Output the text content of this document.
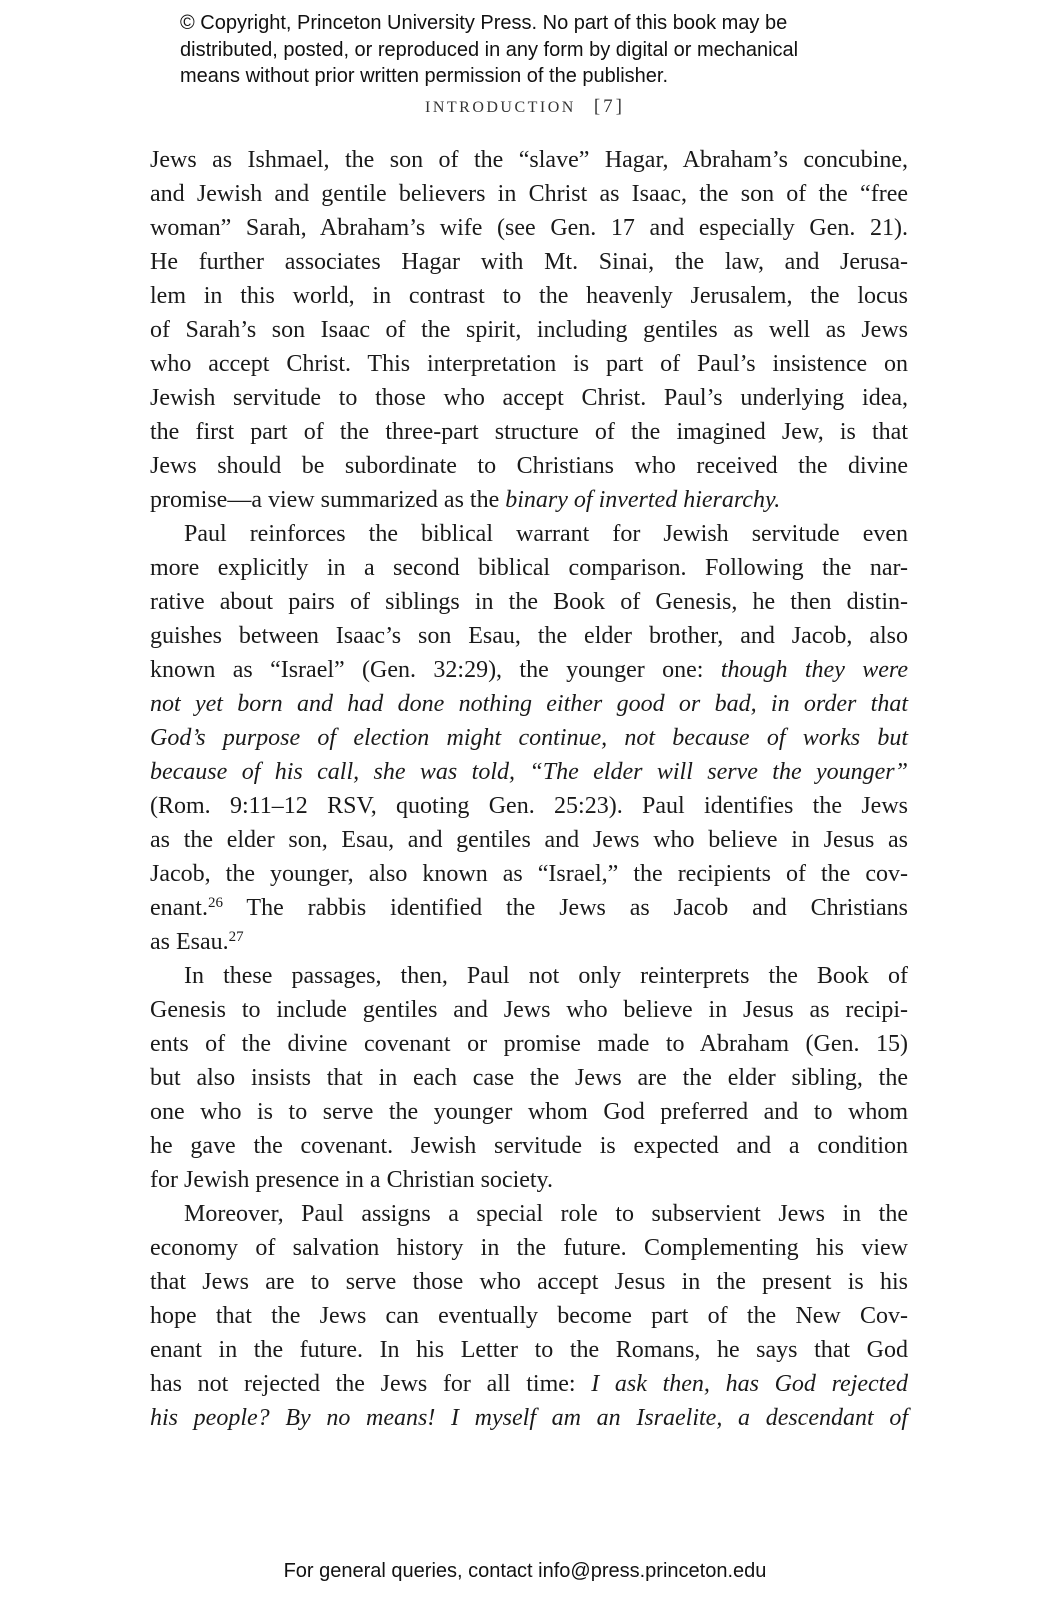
© Copyright, Princeton University Press. No part of this book may be
distributed, posted, or reproduced in any form by digital or mechanical
means without prior written permission of the publisher.
INTRODUCTION [7]
Jews as Ishmael, the son of the “slave” Hagar, Abraham’s concubine,
and Jewish and gentile believers in Christ as Isaac, the son of the “free
woman” Sarah, Abraham’s wife (see Gen. 17 and especially Gen. 21).
He further associates Hagar with Mt. Sinai, the law, and Jerusa-
lem in this world, in contrast to the heavenly Jerusalem, the locus
of Sarah’s son Isaac of the spirit, including gentiles as well as Jews
who accept Christ. This interpretation is part of Paul’s insistence on
Jewish servitude to those who accept Christ. Paul’s underlying idea,
the first part of the three-part structure of the imagined Jew, is that
Jews should be subordinate to Christians who received the divine
promise—a view summarized as the binary of inverted hierarchy.
Paul reinforces the biblical warrant for Jewish servitude even
more explicitly in a second biblical comparison. Following the nar-
rative about pairs of siblings in the Book of Genesis, he then distin-
guishes between Isaac’s son Esau, the elder brother, and Jacob, also
known as “Israel” (Gen. 32:29), the younger one: though they were
not yet born and had done nothing either good or bad, in order that
God’s purpose of election might continue, not because of works but
because of his call, she was told, “The elder will serve the younger”
(Rom. 9:11–12 RSV, quoting Gen. 25:23). Paul identifies the Jews
as the elder son, Esau, and gentiles and Jews who believe in Jesus as
Jacob, the younger, also known as “Israel,” the recipients of the cov-
enant.$^{26}$ The rabbis identified the Jews as Jacob and Christians
as Esau.$^{27}$
In these passages, then, Paul not only reinterprets the Book of
Genesis to include gentiles and Jews who believe in Jesus as recipi-
ents of the divine covenant or promise made to Abraham (Gen. 15)
but also insists that in each case the Jews are the elder sibling, the
one who is to serve the younger whom God preferred and to whom
he gave the covenant. Jewish servitude is expected and a condition
for Jewish presence in a Christian society.
Moreover, Paul assigns a special role to subservient Jews in the
economy of salvation history in the future. Complementing his view
that Jews are to serve those who accept Jesus in the present is his
hope that the Jews can eventually become part of the New Cov-
enant in the future. In his Letter to the Romans, he says that God
has not rejected the Jews for all time: I ask then, has God rejected
his people? By no means! I myself am an Israelite, a descendant of
For general queries, contact info@press.princeton.edu
